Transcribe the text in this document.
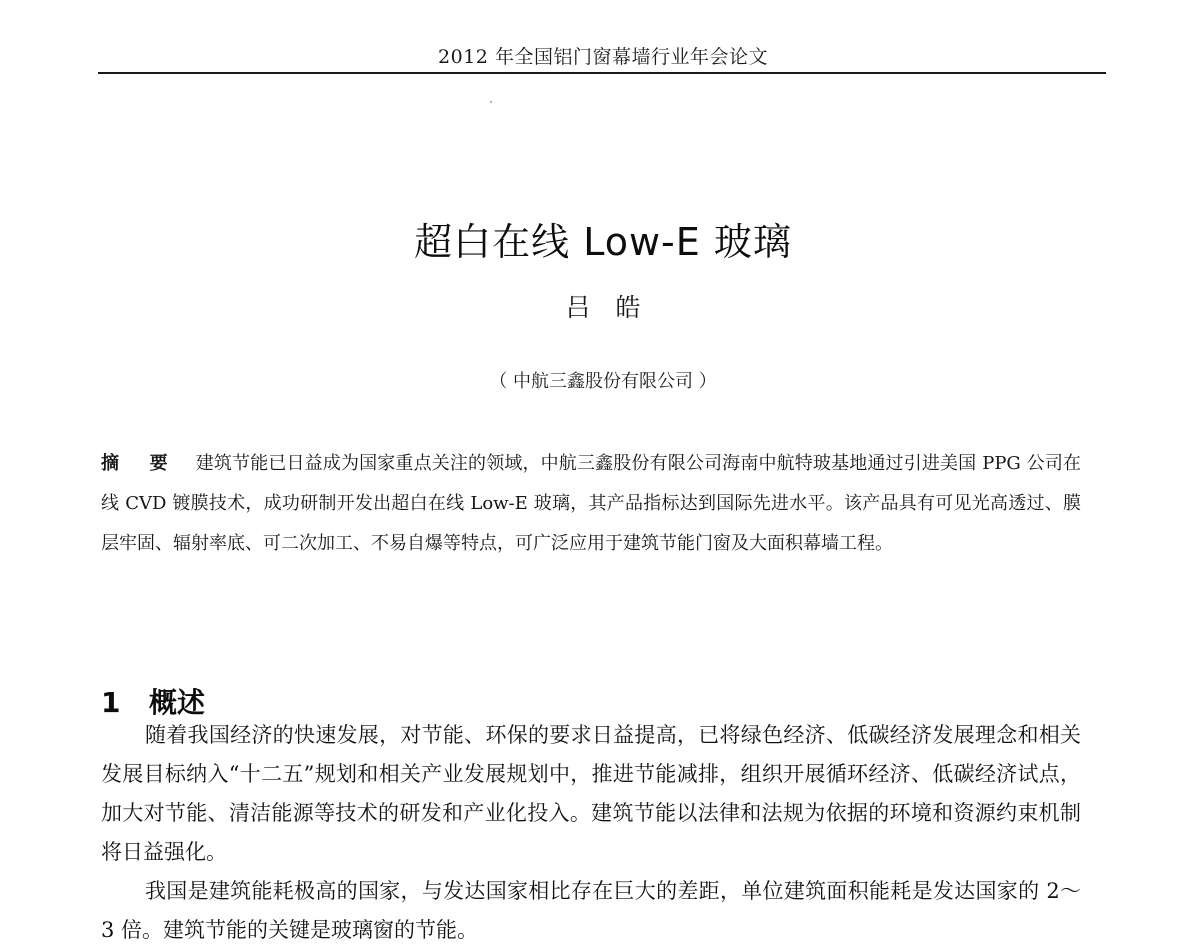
2012 年全国铝门窗幕墙行业年会论文
超白在线 Low-E 玻璃
吕　皓
（ 中航三鑫股份有限公司 ）
摘 要 建筑节能已日益成为国家重点关注的领域，中航三鑫股份有限公司海南中航特玻基地通过引进美国 PPG 公司在线 CVD 镀膜技术，成功研制开发出超白在线 Low-E 玻璃，其产品指标达到国际先进水平。该产品具有可见光高透过、膜层牢固、辐射率底、可二次加工、不易自爆等特点，可广泛应用于建筑节能门窗及大面积幕墙工程。
1 概述

随着我国经济的快速发展，对节能、环保的要求日益提高，已将绿色经济、低碳经济发展理念和相关发展目标纳入“十二五”规划和相关产业发展规划中，推进节能减排，组织开展循环经济、低碳经济试点，加大对节能、清洁能源等技术的研发和产业化投入。建筑节能以法律和法规为依据的环境和资源约束机制将日益强化。

我国是建筑能耗极高的国家，与发达国家相比存在巨大的差距，单位建筑面积能耗是发达国家的 2～3 倍。建筑节能的关键是玻璃窗的节能。
